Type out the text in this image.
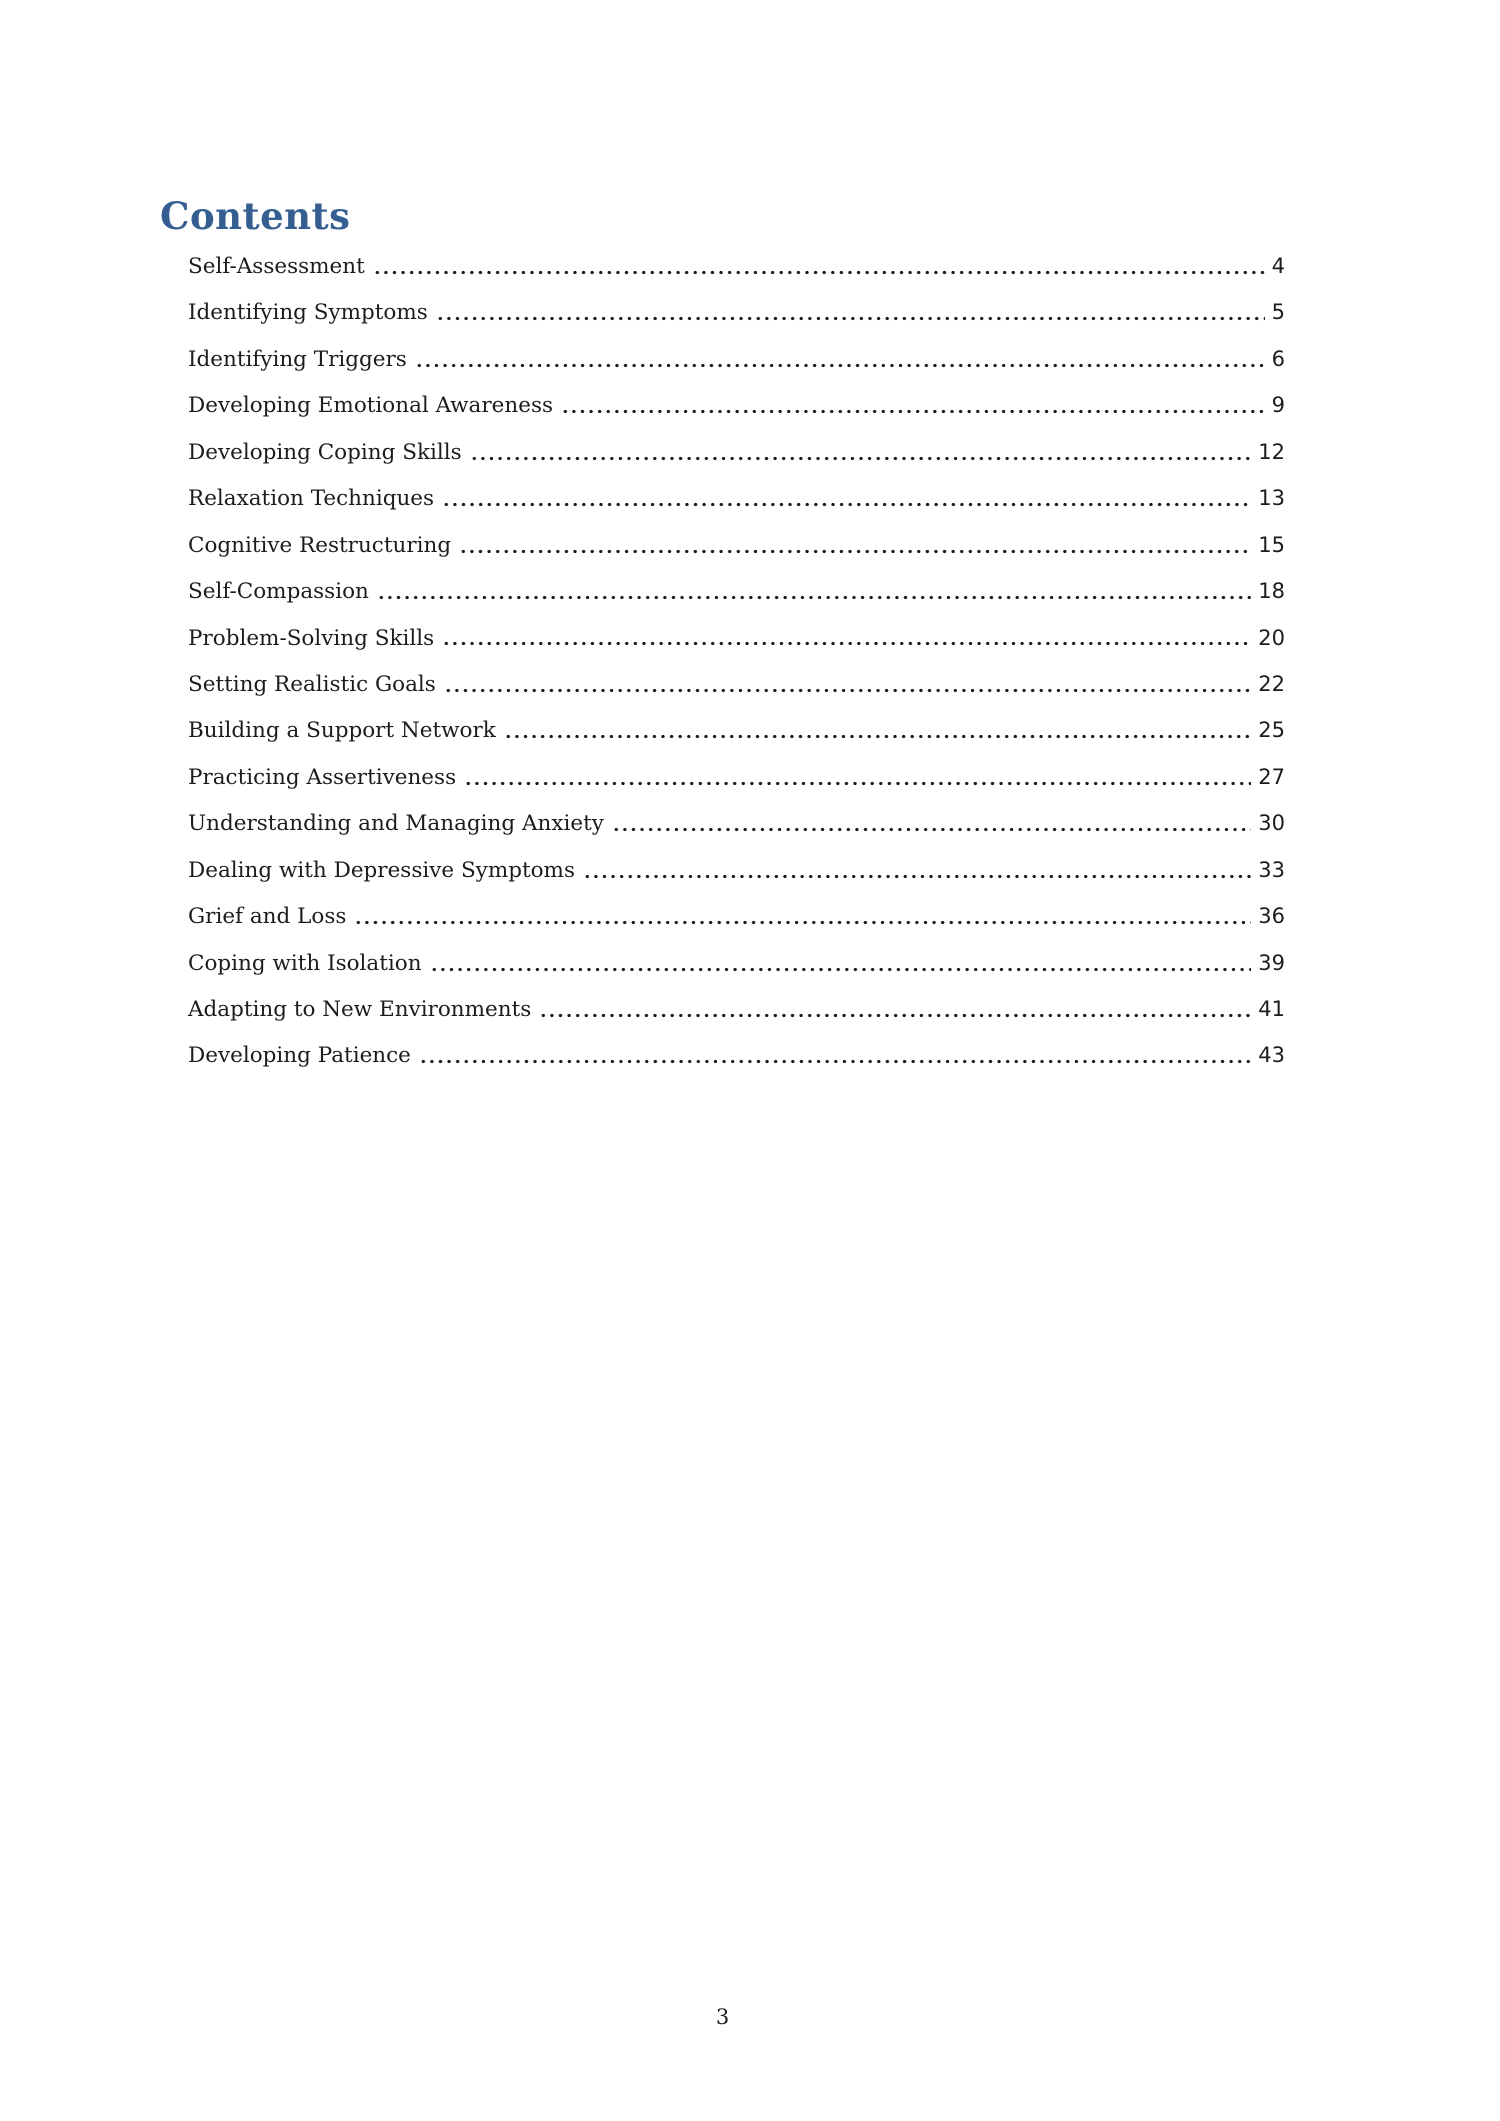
Contents
Self-Assessment	4
Identifying Symptoms	5
Identifying Triggers	6
Developing Emotional Awareness	9
Developing Coping Skills	12
Relaxation Techniques	13
Cognitive Restructuring	15
Self-Compassion	18
Problem-Solving Skills	20
Setting Realistic Goals	22
Building a Support Network	25
Practicing Assertiveness	27
Understanding and Managing Anxiety	30
Dealing with Depressive Symptoms	33
Grief and Loss	36
Coping with Isolation	39
Adapting to New Environments	41
Developing Patience	43
3
